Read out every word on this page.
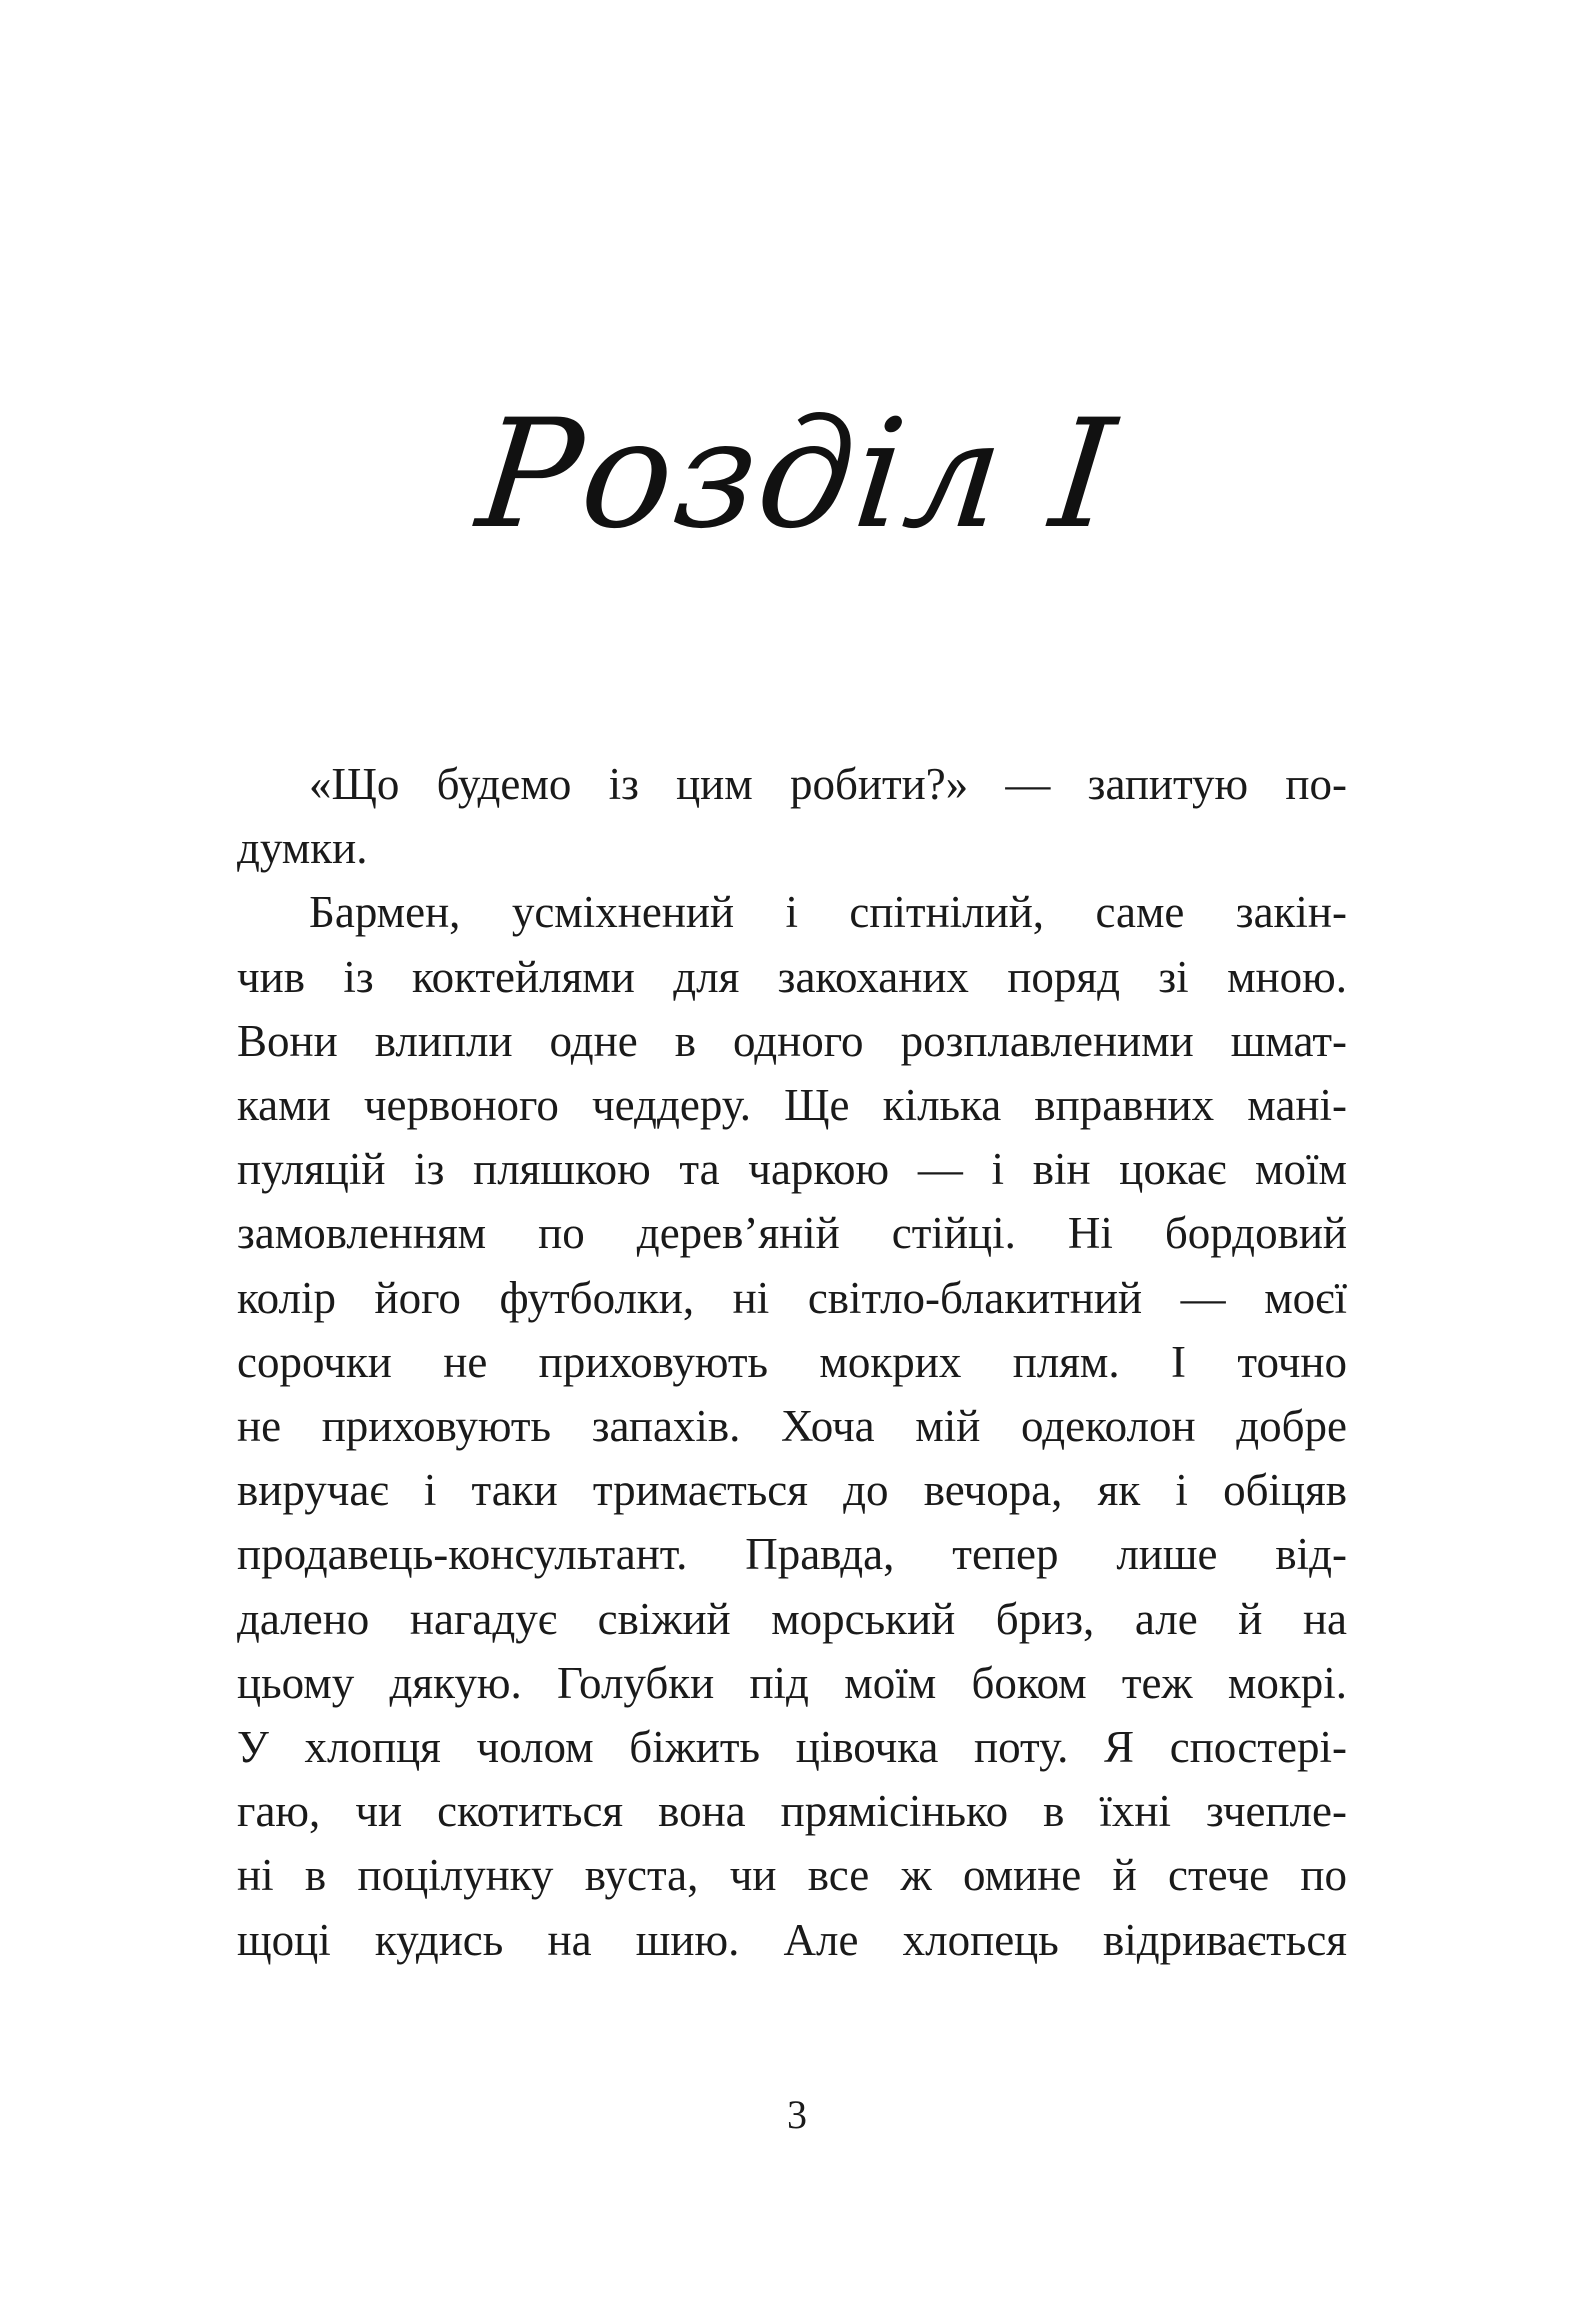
Розділ І
«Що будемо із цим робити?» — запитую по-
думки.
Бармен, усміхнений і спітнілий, саме закін-
чив із коктейлями для закоханих поряд зі мною.
Вони влипли одне в одного розплавленими шмат-
ками червоного чеддеру. Ще кілька вправних мані-
пуляцій із пляшкою та чаркою — і він цокає моїм
замовленням по дерев’яній стійці. Ні бордовий
колір його футболки, ні світло-блакитний — моєї
сорочки не приховують мокрих плям. І точно
не приховують запахів. Хоча мій одеколон добре
виручає і таки тримається до вечора, як і обіцяв
продавець-консультант. Правда, тепер лише від-
далено нагадує свіжий морський бриз, але й на
цьому дякую. Голубки під моїм боком теж мокрі.
У хлопця чолом біжить цівочка поту. Я спостері-
гаю, чи скотиться вона прямісінько в їхні зчепле-
ні в поцілунку вуста, чи все ж омине й стече по
щоці кудись на шию. Але хлопець відривається
3
